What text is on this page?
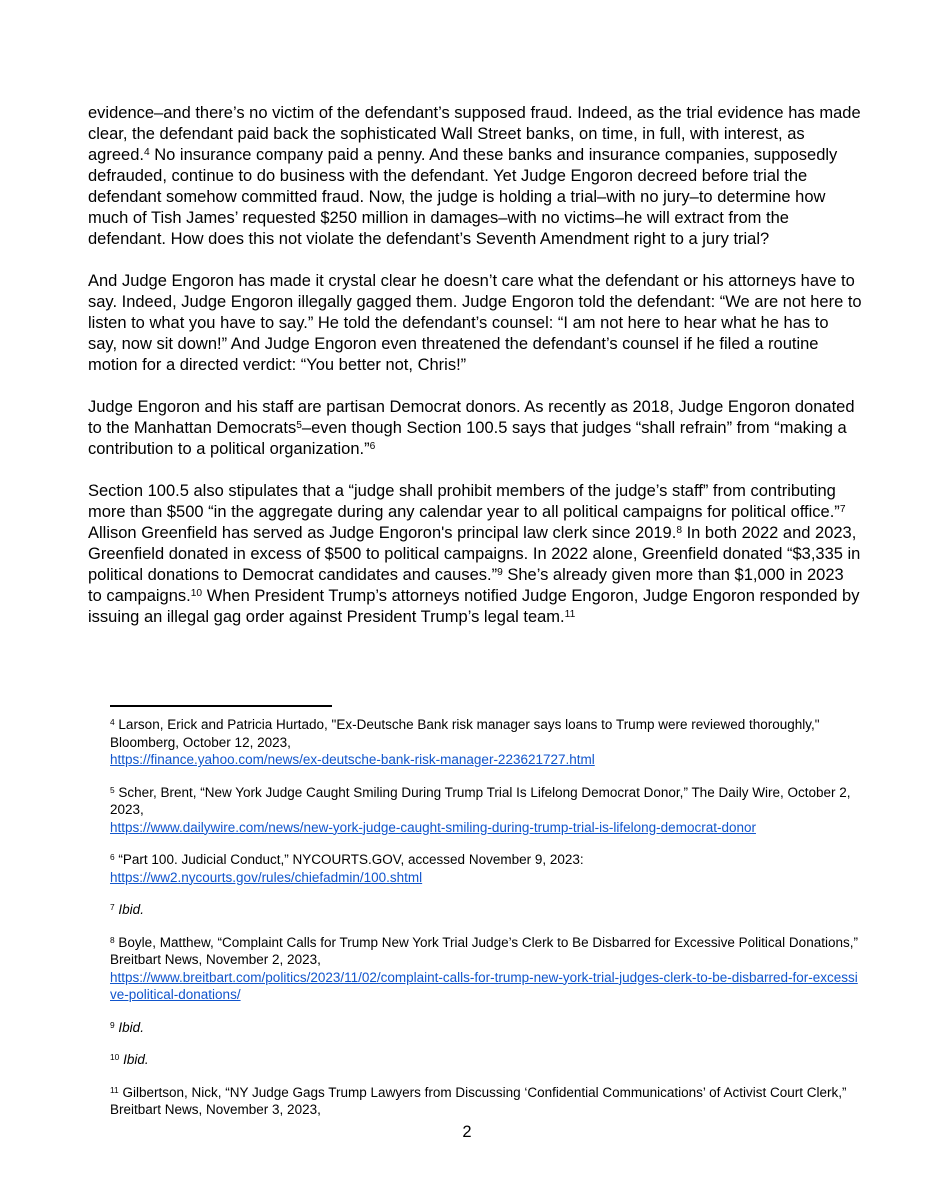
evidence–and there’s no victim of the defendant’s supposed fraud. Indeed, as the trial evidence has made clear, the defendant paid back the sophisticated Wall Street banks, on time, in full, with interest, as agreed.$^4$ No insurance company paid a penny. And these banks and insurance companies, supposedly defrauded, continue to do business with the defendant. Yet Judge Engoron decreed before trial the defendant somehow committed fraud. Now, the judge is holding a trial–with no jury–to determine how much of Tish James’ requested $250 million in damages–with no victims–he will extract from the defendant. How does this not violate the defendant’s Seventh Amendment right to a jury trial?
And Judge Engoron has made it crystal clear he doesn’t care what the defendant or his attorneys have to say. Indeed, Judge Engoron illegally gagged them. Judge Engoron told the defendant: “We are not here to listen to what you have to say.” He told the defendant’s counsel: “I am not here to hear what he has to say, now sit down!” And Judge Engoron even threatened the defendant’s counsel if he filed a routine motion for a directed verdict: “You better not, Chris!”
Judge Engoron and his staff are partisan Democrat donors. As recently as 2018, Judge Engoron donated to the Manhattan Democrats$^5$–even though Section 100.5 says that judges “shall refrain” from “making a contribution to a political organization.”$^6$
Section 100.5 also stipulates that a “judge shall prohibit members of the judge’s staff” from contributing more than $500 “in the aggregate during any calendar year to all political campaigns for political office.”$^7$ Allison Greenfield has served as Judge Engoron's principal law clerk since 2019.$^8$ In both 2022 and 2023, Greenfield donated in excess of $500 to political campaigns. In 2022 alone, Greenfield donated “$3,335 in political donations to Democrat candidates and causes.”$^9$ She’s already given more than $1,000 in 2023 to campaigns.$^{10}$ When President Trump’s attorneys notified Judge Engoron, Judge Engoron responded by issuing an illegal gag order against President Trump’s legal team.$^{11}$
$^4$ Larson, Erick and Patricia Hurtado, "Ex-Deutsche Bank risk manager says loans to Trump were reviewed thoroughly," Bloomberg, October 12, 2023,
https://finance.yahoo.com/news/ex-deutsche-bank-risk-manager-223621727.html
$^5$ Scher, Brent, “New York Judge Caught Smiling During Trump Trial Is Lifelong Democrat Donor,” The Daily Wire, October 2, 2023,
https://www.dailywire.com/news/new-york-judge-caught-smiling-during-trump-trial-is-lifelong-democrat-donor
$^6$ “Part 100. Judicial Conduct,” NYCOURTS.GOV, accessed November 9, 2023:
https://ww2.nycourts.gov/rules/chiefadmin/100.shtml
$^7$ Ibid.
$^8$ Boyle, Matthew, “Complaint Calls for Trump New York Trial Judge’s Clerk to Be Disbarred for Excessive Political Donations,” Breitbart News, November 2, 2023,
https://www.breitbart.com/politics/2023/11/02/complaint-calls-for-trump-new-york-trial-judges-clerk-to-be-disbarred-for-excessive-political-donations/
$^9$ Ibid.
$^{10}$ Ibid.
$^{11}$ Gilbertson, Nick, “NY Judge Gags Trump Lawyers from Discussing ‘Confidential Communications’ of Activist Court Clerk,” Breitbart News, November 3, 2023,
2
